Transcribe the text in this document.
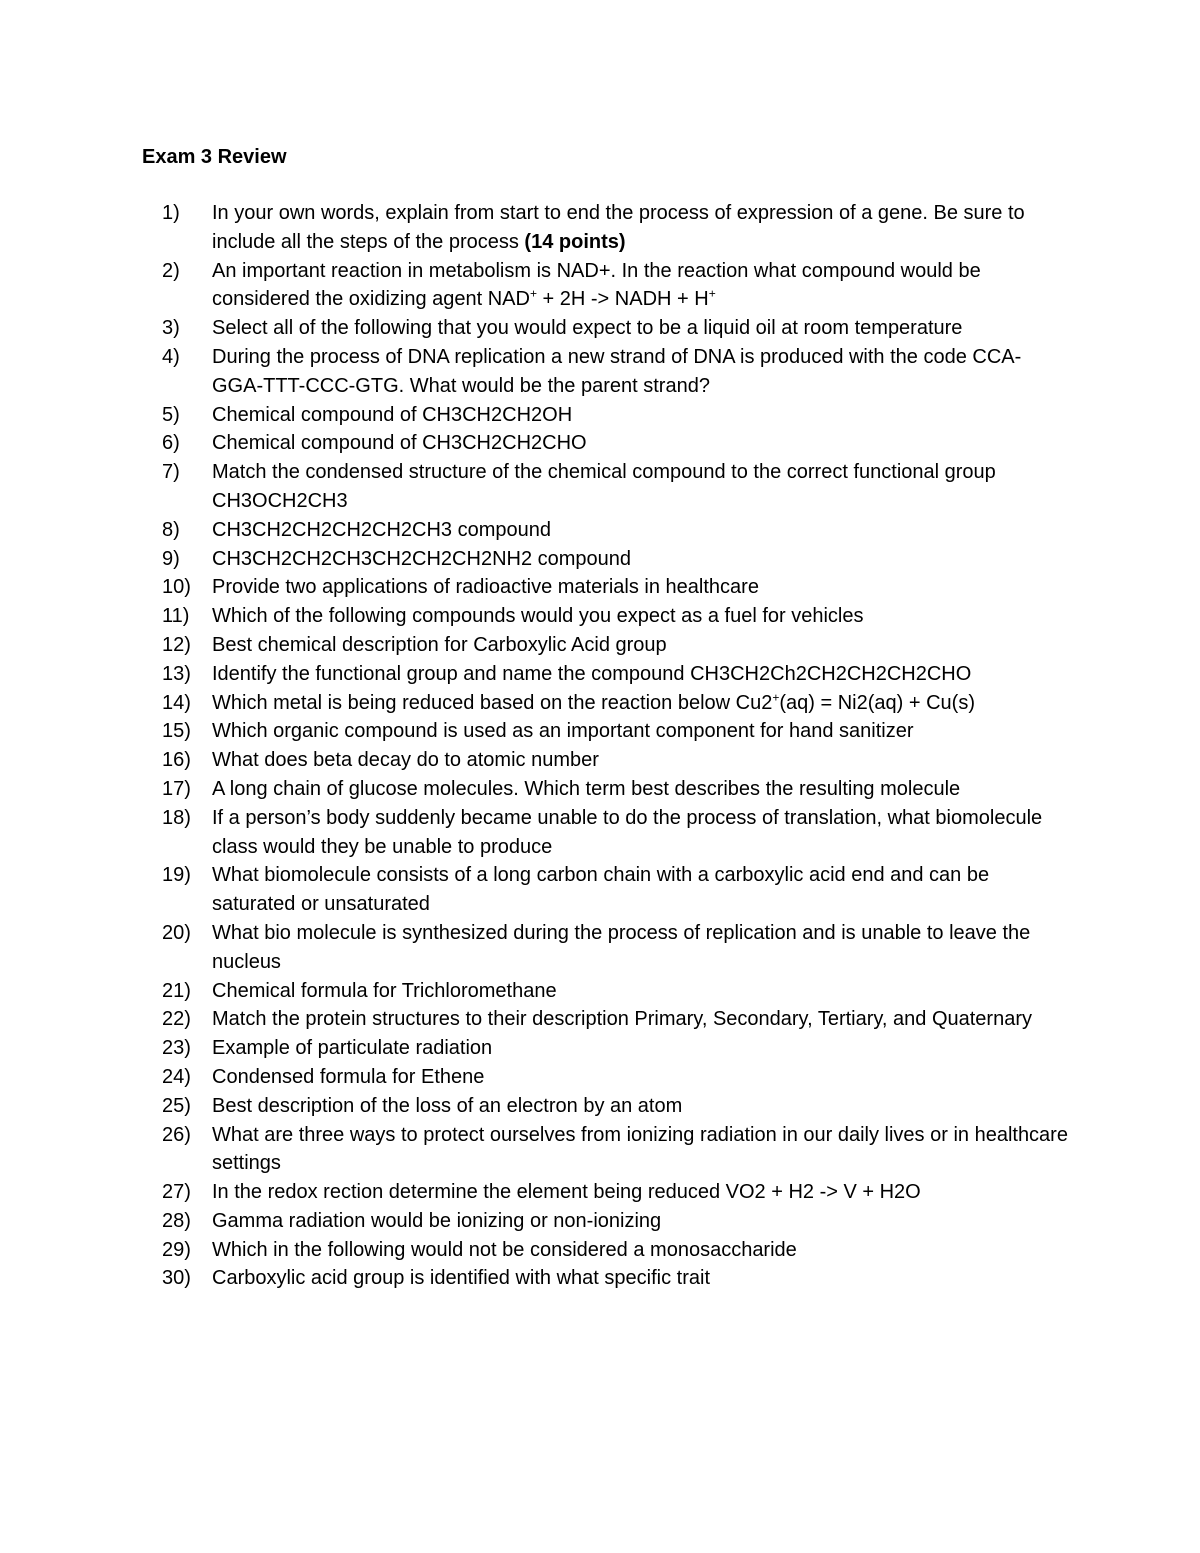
Exam 3 Review
1) In your own words, explain from start to end the process of expression of a gene. Be sure to include all the steps of the process (14 points)
2) An important reaction in metabolism is NAD+. In the reaction what compound would be considered the oxidizing agent NAD+ + 2H -> NADH + H+
3) Select all of the following that you would expect to be a liquid oil at room temperature
4) During the process of DNA replication a new strand of DNA is produced with the code CCA-GGA-TTT-CCC-GTG. What would be the parent strand?
5) Chemical compound of CH3CH2CH2OH
6) Chemical compound of CH3CH2CH2CHO
7) Match the condensed structure of the chemical compound to the correct functional group CH3OCH2CH3
8) CH3CH2CH2CH2CH2CH3 compound
9) CH3CH2CH2CH3CH2CH2CH2NH2 compound
10) Provide two applications of radioactive materials in healthcare
11) Which of the following compounds would you expect as a fuel for vehicles
12) Best chemical description for Carboxylic Acid group
13) Identify the functional group and name the compound CH3CH2Ch2CH2CH2CH2CHO
14) Which metal is being reduced based on the reaction below Cu2+(aq) = Ni2(aq) + Cu(s)
15) Which organic compound is used as an important component for hand sanitizer
16) What does beta decay do to atomic number
17) A long chain of glucose molecules. Which term best describes the resulting molecule
18) If a person’s body suddenly became unable to do the process of translation, what biomolecule class would they be unable to produce
19) What biomolecule consists of a long carbon chain with a carboxylic acid end and can be saturated or unsaturated
20) What bio molecule is synthesized during the process of replication and is unable to leave the nucleus
21) Chemical formula for Trichloromethane
22) Match the protein structures to their description Primary, Secondary, Tertiary, and Quaternary
23) Example of particulate radiation
24) Condensed formula for Ethene
25) Best description of the loss of an electron by an atom
26) What are three ways to protect ourselves from ionizing radiation in our daily lives or in healthcare settings
27) In the redox rection determine the element being reduced VO2 + H2 -> V + H2O
28) Gamma radiation would be ionizing or non-ionizing
29) Which in the following would not be considered a monosaccharide
30) Carboxylic acid group is identified with what specific trait
